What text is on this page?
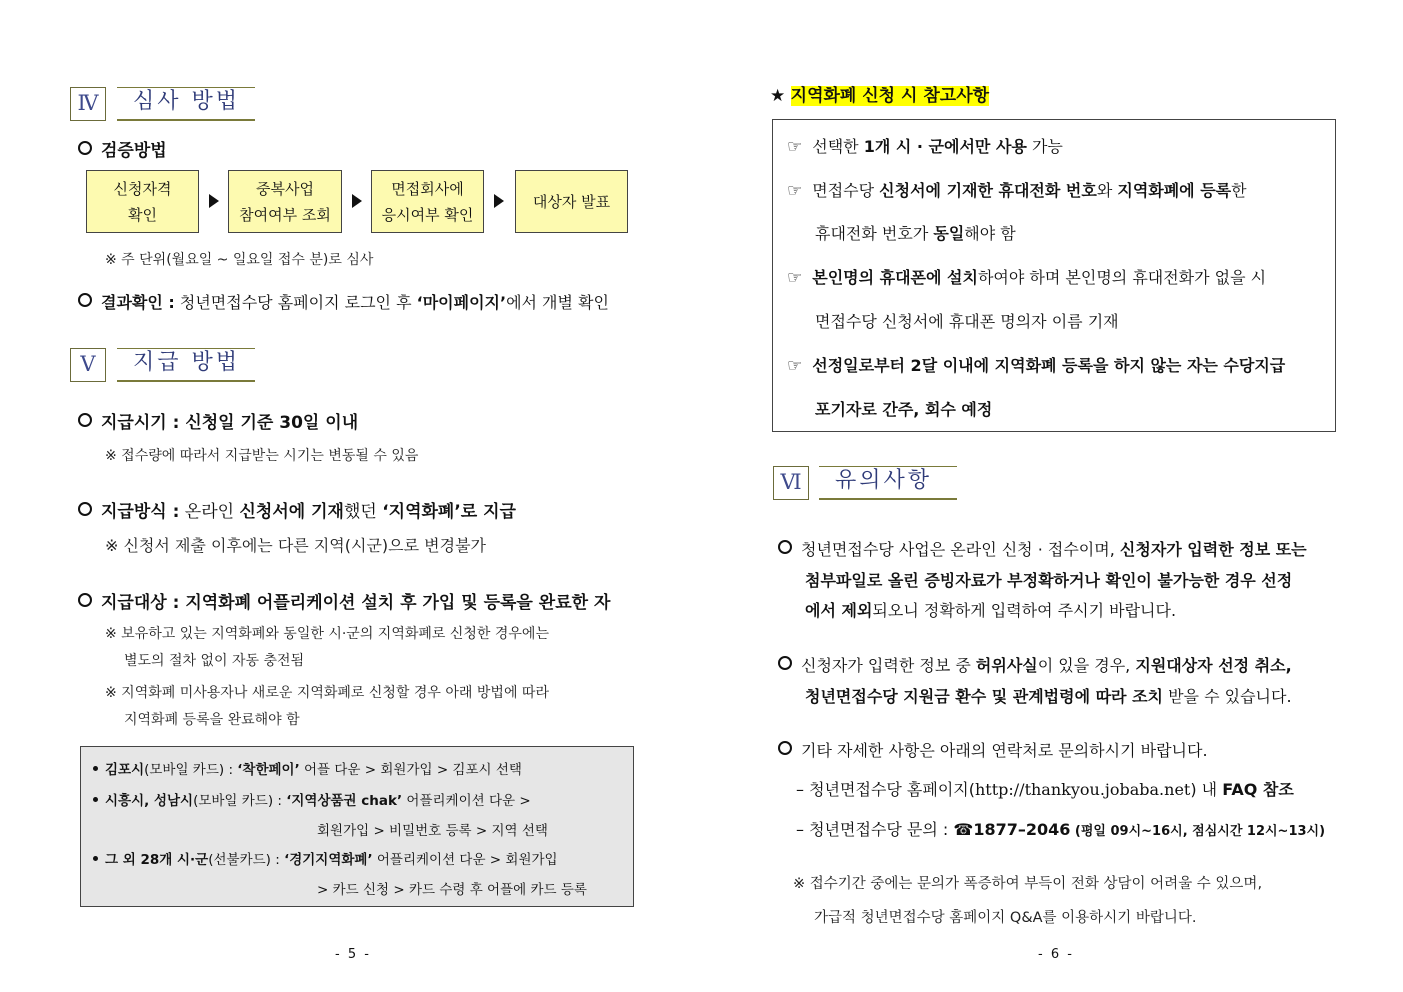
Ⅳ	심사 방법
검증방법
신청자격
확인
중복사업
참여여부 조회
면접회사에
응시여부 확인
대상자 발표
※ 주 단위(월요일 ~ 일요일 접수 분)로 심사
결과확인 : 청년면접수당 홈페이지 로그인 후 ‘마이페이지’에서 개별 확인
Ⅴ	지급 방법
지급시기 : 신청일 기준 30일 이내
※ 접수량에 따라서 지급받는 시기는 변동될 수 있음
지급방식 : 온라인 신청서에 기재했던 ‘지역화폐’로 지급
※ 신청서 제출 이후에는 다른 지역(시군)으로 변경불가
지급대상 : 지역화폐 어플리케이션 설치 후 가입 및 등록을 완료한 자
※ 보유하고 있는 지역화폐와 동일한 시·군의 지역화폐로 신청한 경우에는
별도의 절차 없이 자동 충전됨
※ 지역화폐 미사용자나 새로운 지역화폐로 신청할 경우 아래 방법에 따라
지역화폐 등록을 완료해야 함
김포시(모바일 카드) : ‘착한페이’ 어플 다운 > 회원가입 > 김포시 선택
시흥시, 성남시(모바일 카드) : ‘지역상품권 chak’ 어플리케이션 다운 >
회원가입 > 비밀번호 등록 > 지역 선택
그 외 28개 시·군(선불카드) : ‘경기지역화폐’ 어플리케이션 다운 > 회원가입
> 카드 신청 > 카드 수령 후 어플에 카드 등록
- 5 -
★ 지역화폐 신청 시 참고사항
☞ 선택한 1개 시 · 군에서만 사용 가능
☞ 면접수당 신청서에 기재한 휴대전화 번호와 지역화폐에 등록한
휴대전화 번호가 동일해야 함
☞ 본인명의 휴대폰에 설치하여야 하며 본인명의 휴대전화가 없을 시
면접수당 신청서에 휴대폰 명의자 이름 기재
☞ 선정일로부터 2달 이내에 지역화폐 등록을 하지 않는 자는 수당지급
포기자로 간주, 회수 예정
Ⅵ	유의사항
청년면접수당 사업은 온라인 신청 · 접수이며, 신청자가 입력한 정보 또는
첨부파일로 올린 증빙자료가 부정확하거나 확인이 불가능한 경우 선정
에서 제외되오니 정확하게 입력하여 주시기 바랍니다.
신청자가 입력한 정보 중 허위사실이 있을 경우, 지원대상자 선정 취소,
청년면접수당 지원금 환수 및 관계법령에 따라 조치 받을 수 있습니다.
기타 자세한 사항은 아래의 연락처로 문의하시기 바랍니다.
– 청년면접수당 홈페이지(http://thankyou.jobaba.net) 내 FAQ 참조
– 청년면접수당 문의 : ☎1877–2046 (평일 09시~16시, 점심시간 12시~13시)
※ 접수기간 중에는 문의가 폭증하여 부득이 전화 상담이 어려울 수 있으며,
가급적 청년면접수당 홈페이지 Q&A를 이용하시기 바랍니다.
- 6 -
